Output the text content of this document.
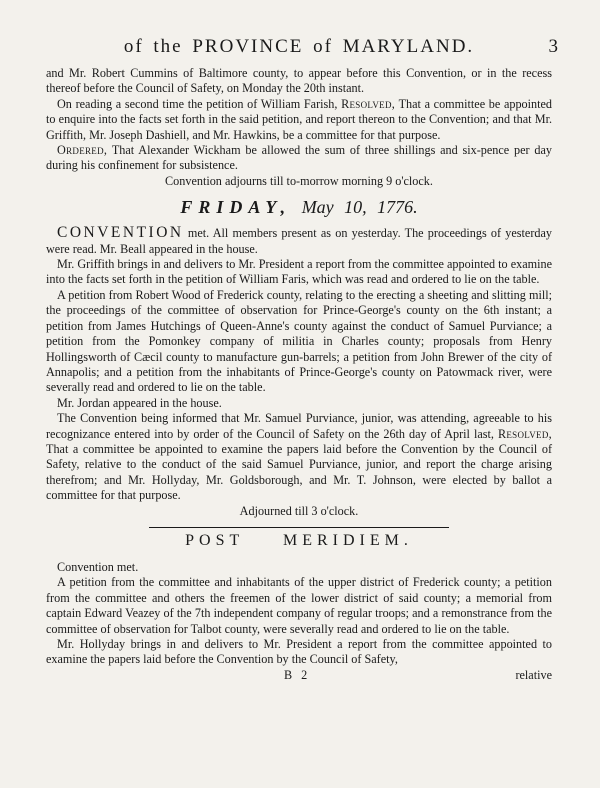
of the PROVINCE of MARYLAND.	3

and Mr. Robert Cummins of Baltimore county, to appear before this Convention, or in the recess thereof before the Council of Safety, on Monday the 20th instant.

On reading a second time the petition of William Farish, Resolved, That a committee be appointed to enquire into the facts set forth in the said petition, and report thereon to the Convention; and that Mr. Griffith, Mr. Joseph Dashiell, and Mr. Hawkins, be a committee for that purpose.

Ordered, That Alexander Wickham be allowed the sum of three shillings and six-pence per day during his confinement for subsistence.

Convention adjourns till to-morrow morning 9 o'clock.

FRIDAY, May 10, 1776.

CONVENTION met. All members present as on yesterday. The proceedings of yesterday were read. Mr. Beall appeared in the house.

Mr. Griffith brings in and delivers to Mr. President a report from the committee appointed to examine into the facts set forth in the petition of William Faris, which was read and ordered to lie on the table.

A petition from Robert Wood of Frederick county, relating to the erecting a sheeting and slitting mill; the proceedings of the committee of observation for Prince-George's county on the 6th instant; a petition from James Hutchings of Queen-Anne's county against the conduct of Samuel Purviance; a petition from the Pomonkey company of militia in Charles county; proposals from Henry Hollingsworth of Cæcil county to manufacture gun-barrels; a petition from John Brewer of the city of Annapolis; and a petition from the inhabitants of Prince-George's county on Patowmack river, were severally read and ordered to lie on the table.

Mr. Jordan appeared in the house.

The Convention being informed that Mr. Samuel Purviance, junior, was attending, agreeable to his recognizance entered into by order of the Council of Safety on the 26th day of April last, Resolved, That a committee be appointed to examine the papers laid before the Convention by the Council of Safety, relative to the conduct of the said Samuel Purviance, junior, and report the charge arising therefrom; and Mr. Hollyday, Mr. Goldsborough, and Mr. T. Johnson, were elected by ballot a committee for that purpose.

Adjourned till 3 o'clock.

POST MERIDIEM.

Convention met.

A petition from the committee and inhabitants of the upper district of Frederick county; a petition from the committee and others the freemen of the lower district of said county; a memorial from captain Edward Veazey of the 7th independent company of regular troops; and a remonstrance from the committee of observation for Talbot county, were severally read and ordered to lie on the table.

Mr. Hollyday brings in and delivers to Mr. President a report from the committee appointed to examine the papers laid before the Convention by the Council of Safety,

B 2	relative
